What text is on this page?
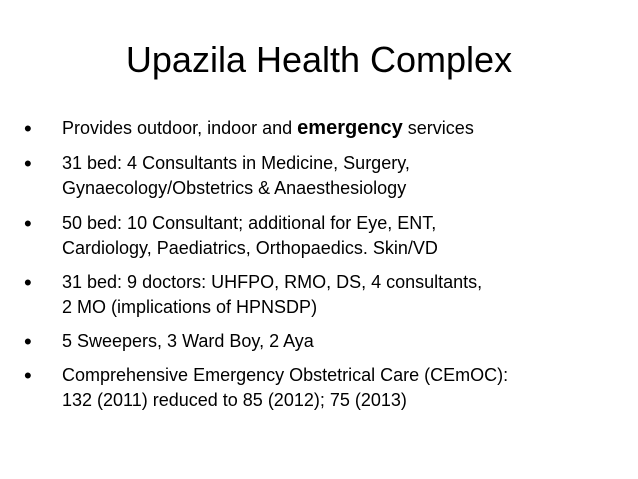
Upazila Health Complex
• Provides outdoor, indoor and emergency services
• 31 bed: 4 Consultants in Medicine, Surgery,
Gynaecology/Obstetrics & Anaesthesiology
• 50 bed: 10 Consultant; additional for Eye, ENT,
Cardiology, Paediatrics, Orthopaedics. Skin/VD
• 31 bed: 9 doctors: UHFPO, RMO, DS, 4 consultants,
2 MO (implications of HPNSDP)
• 5 Sweepers, 3 Ward Boy, 2 Aya
• Comprehensive Emergency Obstetrical Care (CEmOC):
132 (2011) reduced to 85 (2012); 75 (2013)
